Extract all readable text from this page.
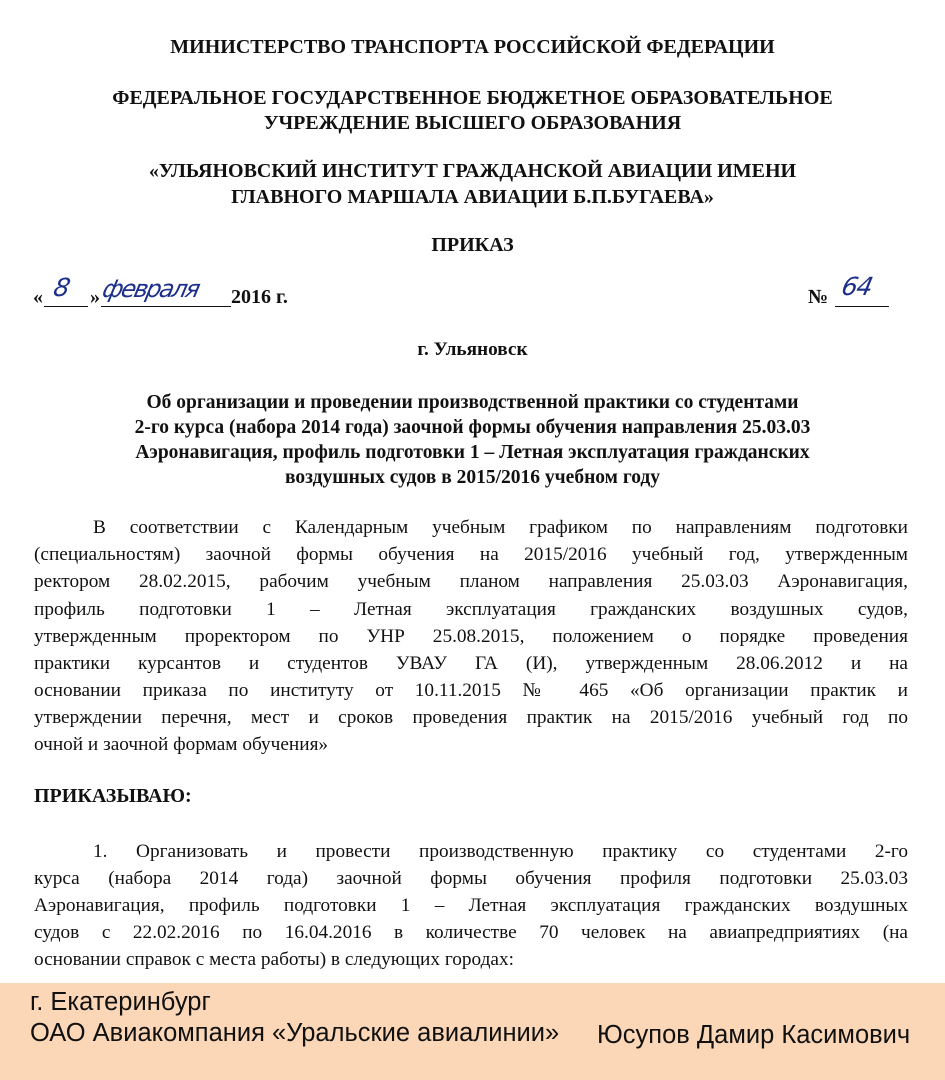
МИНИСТЕРСТВО ТРАНСПОРТА РОССИЙСКОЙ ФЕДЕРАЦИИ
ФЕДЕРАЛЬНОЕ ГОСУДАРСТВЕННОЕ БЮДЖЕТНОЕ ОБРАЗОВАТЕЛЬНОЕ
УЧРЕЖДЕНИЕ ВЫСШЕГО ОБРАЗОВАНИЯ
«УЛЬЯНОВСКИЙ ИНСТИТУТ ГРАЖДАНСКОЙ АВИАЦИИ ИМЕНИ
ГЛАВНОГО МАРШАЛА АВИАЦИИ Б.П.БУГАЕВА»
ПРИКАЗ
« 8 » февраля 2016 г.	№ 64
г. Ульяновск
Об организации и проведении производственной практики со студентами
2-го курса (набора 2014 года) заочной формы обучения направления 25.03.03
Аэронавигация, профиль подготовки 1 – Летная эксплуатация гражданских
воздушных судов в 2015/2016 учебном году
В соответствии с Календарным учебным графиком по направлениям подготовки
(специальностям) заочной формы обучения на 2015/2016 учебный год, утвержденным
ректором 28.02.2015, рабочим учебным планом направления 25.03.03 Аэронавигация,
профиль подготовки 1 – Летная эксплуатация гражданских воздушных судов,
утвержденным проректором по УНР 25.08.2015, положением о порядке проведения
практики курсантов и студентов УВАУ ГА (И), утвержденным 28.06.2012 и на
основании приказа по институту от 10.11.2015 № 465 «Об организации практик и
утверждении перечня, мест и сроков проведения практик на 2015/2016 учебный год по
очной и заочной формам обучения»
ПРИКАЗЫВАЮ:
1. Организовать и провести производственную практику со студентами 2-го
курса (набора 2014 года) заочной формы обучения профиля подготовки 25.03.03
Аэронавигация, профиль подготовки 1 – Летная эксплуатация гражданских воздушных
судов с 22.02.2016 по 16.04.2016 в количестве 70 человек на авиапредприятиях (на
основании справок с места работы) в следующих городах:
г. Екатеринбург
ОАО Авиакомпания «Уральские авиалинии» Юсупов Дамир Касимович
